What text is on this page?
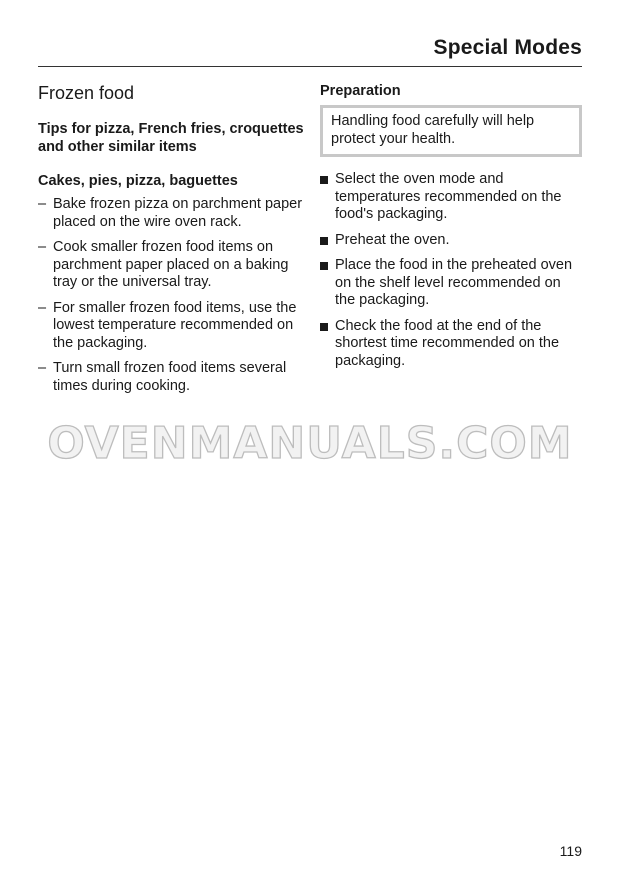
Special Modes
Frozen food
Tips for pizza, French fries, croquettes and other similar items
Cakes, pies, pizza, baguettes
– Bake frozen pizza on parchment paper placed on the wire oven rack.
– Cook smaller frozen food items on parchment paper placed on a baking tray or the universal tray.
– For smaller frozen food items, use the lowest temperature recommended on the packaging.
– Turn small frozen food items several times during cooking.
Preparation
Handling food carefully will help protect your health.
Select the oven mode and temperatures recommended on the food's packaging.
Preheat the oven.
Place the food in the preheated oven on the shelf level recommended on the packaging.
Check the food at the end of the shortest time recommended on the packaging.
OVENMANUALS.COM
119
